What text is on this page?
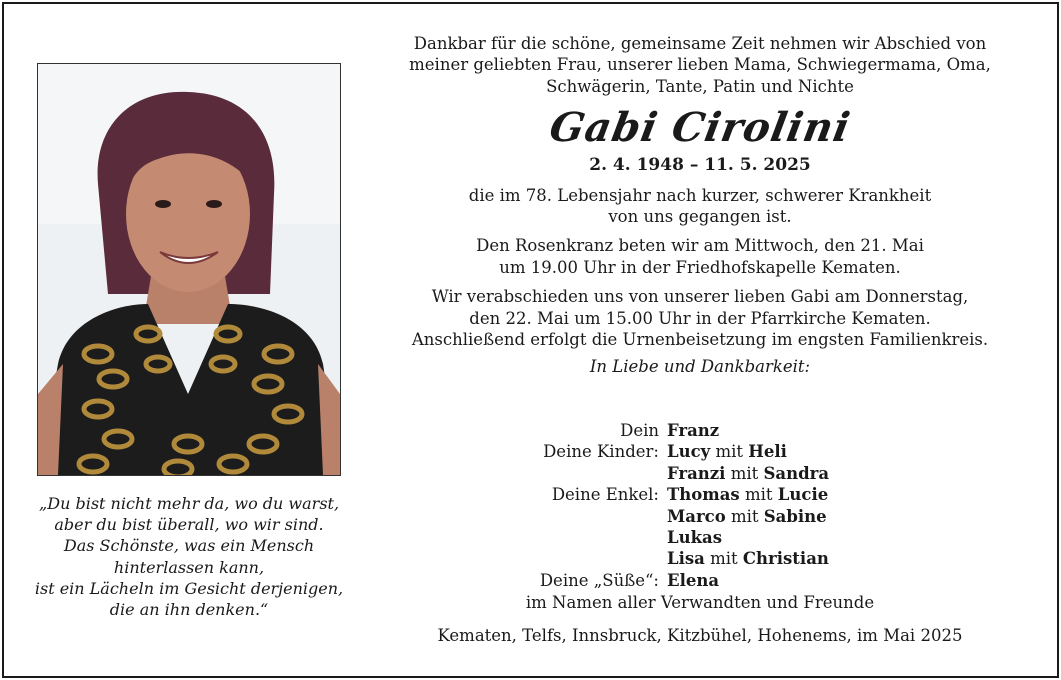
„Du bist nicht mehr da, wo du warst,
aber du bist überall, wo wir sind.
Das Schönste, was ein Mensch
hinterlassen kann,
ist ein Lächeln im Gesicht derjenigen,
die an ihn denken.“

Dankbar für die schöne, gemeinsame Zeit nehmen wir Abschied von
meiner geliebten Frau, unserer lieben Mama, Schwiegermama, Oma,
Schwägerin, Tante, Patin und Nichte

Gabi Cirolini

2. 4. 1948 – 11. 5. 2025

die im 78. Lebensjahr nach kurzer, schwerer Krankheit
von uns gegangen ist.

Den Rosenkranz beten wir am Mittwoch, den 21. Mai
um 19.00 Uhr in der Friedhofskapelle Kematen.

Wir verabschieden uns von unserer lieben Gabi am Donnerstag,
den 22. Mai um 15.00 Uhr in der Pfarrkirche Kematen.
Anschließend erfolgt die Urnenbeisetzung im engsten Familienkreis.

In Liebe und Dankbarkeit:

Dein Franz
Deine Kinder: Lucy mit Heli
Franzi mit Sandra
Deine Enkel: Thomas mit Lucie
Marco mit Sabine
Lukas
Lisa mit Christian
Deine „Süße“: Elena
im Namen aller Verwandten und Freunde
Kematen, Telfs, Innsbruck, Kitzbühel, Hohenems, im Mai 2025
